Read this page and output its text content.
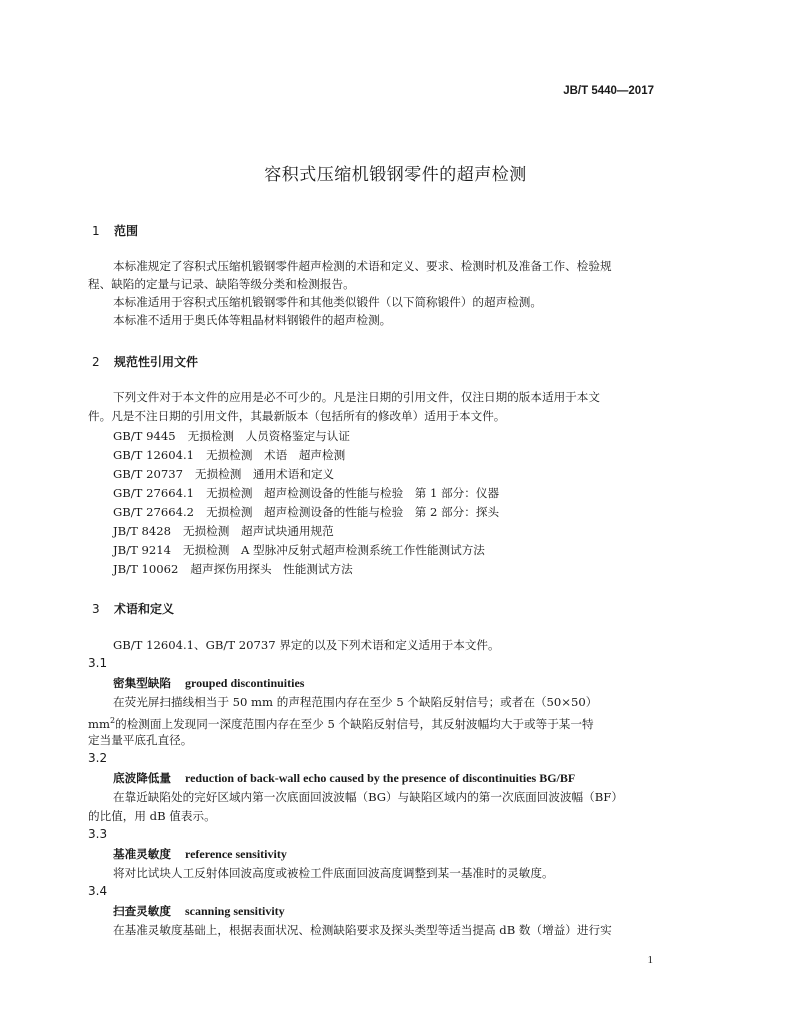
JB/T 5440—2017
容积式压缩机锻钢零件的超声检测
1 范围
本标准规定了容积式压缩机锻钢零件超声检测的术语和定义、要求、检测时机及准备工作、检验规
程、缺陷的定量与记录、缺陷等级分类和检测报告。
本标准适用于容积式压缩机锻钢零件和其他类似锻件（以下简称锻件）的超声检测。
本标准不适用于奥氏体等粗晶材料钢锻件的超声检测。
2 规范性引用文件
下列文件对于本文件的应用是必不可少的。凡是注日期的引用文件，仅注日期的版本适用于本文
件。凡是不注日期的引用文件，其最新版本（包括所有的修改单）适用于本文件。
GB/T 9445 无损检测　人员资格鉴定与认证
GB/T 12604.1 无损检测　术语　超声检测
GB/T 20737 无损检测　通用术语和定义
GB/T 27664.1 无损检测　超声检测设备的性能与检验　第 1 部分：仪器
GB/T 27664.2 无损检测　超声检测设备的性能与检验　第 2 部分：探头
JB/T 8428 无损检测　超声试块通用规范
JB/T 9214 无损检测　A 型脉冲反射式超声检测系统工作性能测试方法
JB/T 10062 超声探伤用探头　性能测试方法
3 术语和定义
GB/T 12604.1、GB/T 20737 界定的以及下列术语和定义适用于本文件。
3.1
密集型缺陷 grouped discontinuities
在荧光屏扫描线相当于 50 mm 的声程范围内存在至少 5 个缺陷反射信号；或者在（50×50）
$mm^2$的检测面上发现同一深度范围内存在至少 5 个缺陷反射信号，其反射波幅均大于或等于某一特
定当量平底孔直径。
3.2
底波降低量 reduction of back-wall echo caused by the presence of discontinuities BG/BF
在靠近缺陷处的完好区域内第一次底面回波波幅（BG）与缺陷区域内的第一次底面回波波幅（BF）
的比值，用 dB 值表示。
3.3
基准灵敏度 reference sensitivity
将对比试块人工反射体回波高度或被检工件底面回波高度调整到某一基准时的灵敏度。
3.4
扫查灵敏度 scanning sensitivity
在基准灵敏度基础上，根据表面状况、检测缺陷要求及探头类型等适当提高 dB 数（增益）进行实
1
